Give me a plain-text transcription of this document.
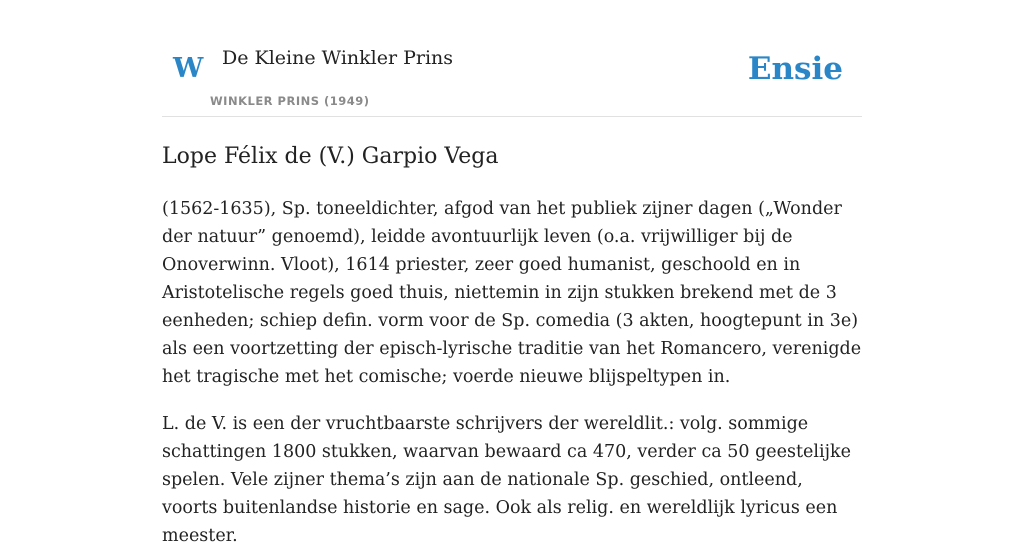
W De Kleine Winkler Prins
WINKLER PRINS (1949)
Ensie
Lope Félix de (V.) Garpio Vega

(1562-1635), Sp. toneeldichter, afgod van het publiek zijner dagen („Wonder der natuur” genoemd), leidde avontuurlijk leven (o.a. vrijwilliger bij de Onoverwinn. Vloot), 1614 priester, zeer goed humanist, geschoold en in Aristotelische regels goed thuis, niettemin in zijn stukken brekend met de 3 eenheden; schiep defin. vorm voor de Sp. comedia (3 akten, hoogtepunt in 3e) als een voortzetting der episch-lyrische traditie van het Romancero, verenigde het tragische met het comische; voerde nieuwe blijspeltypen in.

L. de V. is een der vruchtbaarste schrijvers der wereldlit.: volg. sommige schattingen 1800 stukken, waarvan bewaard ca 470, verder ca 50 geestelijke spelen. Vele zijner thema’s zijn aan de nationale Sp. geschied, ontleend, voorts buitenlandse historie en sage. Ook als relig. en wereldlijk lyricus een meester.
